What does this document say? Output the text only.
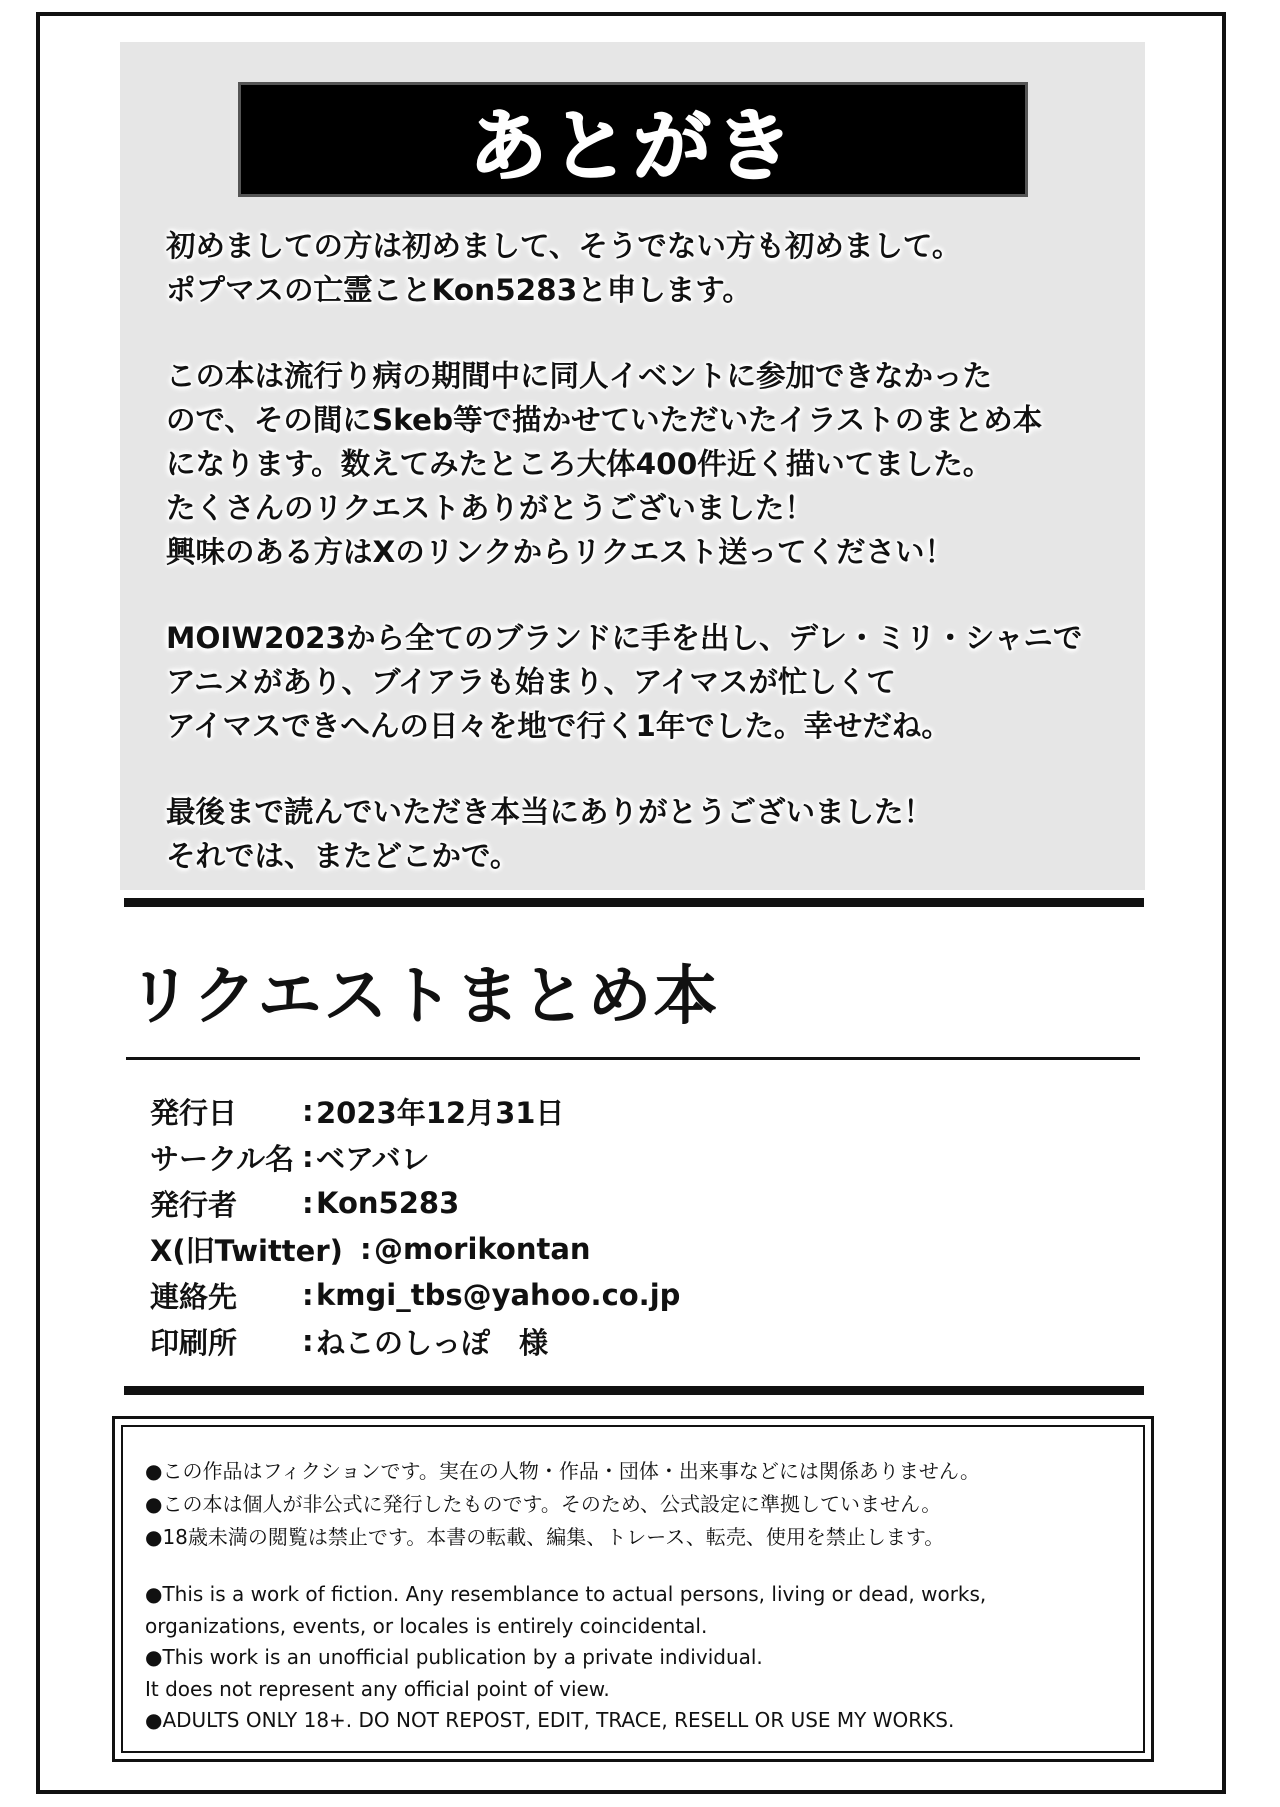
あとがき

初めましての方は初めまして、そうでない方も初めまして。
ポプマスの亡霊ことKon5283と申します。

この本は流行り病の期間中に同人イベントに参加できなかった
ので、その間にSkeb等で描かせていただいたイラストのまとめ本
になります。数えてみたところ大体400件近く描いてました。
たくさんのリクエストありがとうございました！
興味のある方はXのリンクからリクエスト送ってください！

MOIW2023から全てのブランドに手を出し、デレ・ミリ・シャニで
アニメがあり、ブイアラも始まり、アイマスが忙しくて
アイマスできへんの日々を地で行く1年でした。幸せだね。

最後まで読んでいただき本当にありがとうございました！
それでは、またどこかで。

リクエストまとめ本
発行日	: 2023年12月31日
サークル名 : ベアバレ
発行者	: Kon5283
X(旧Twitter) : @morikontan
連絡先	: kmgi_tbs@yahoo.co.jp
印刷所	: ねこのしっぽ　様
●この作品はフィクションです。実在の人物・作品・団体・出来事などには関係ありません。
●この本は個人が非公式に発行したものです。そのため、公式設定に準拠していません。
●18歳未満の閲覧は禁止です。本書の転載、編集、トレース、転売、使用を禁止します。
●This is a work of fiction. Any resemblance to actual persons, living or dead, works,
organizations, events, or locales is entirely coincidental.
●This work is an unofficial publication by a private individual.
It does not represent any official point of view.
●ADULTS ONLY 18+. DO NOT REPOST, EDIT, TRACE, RESELL OR USE MY WORKS.
